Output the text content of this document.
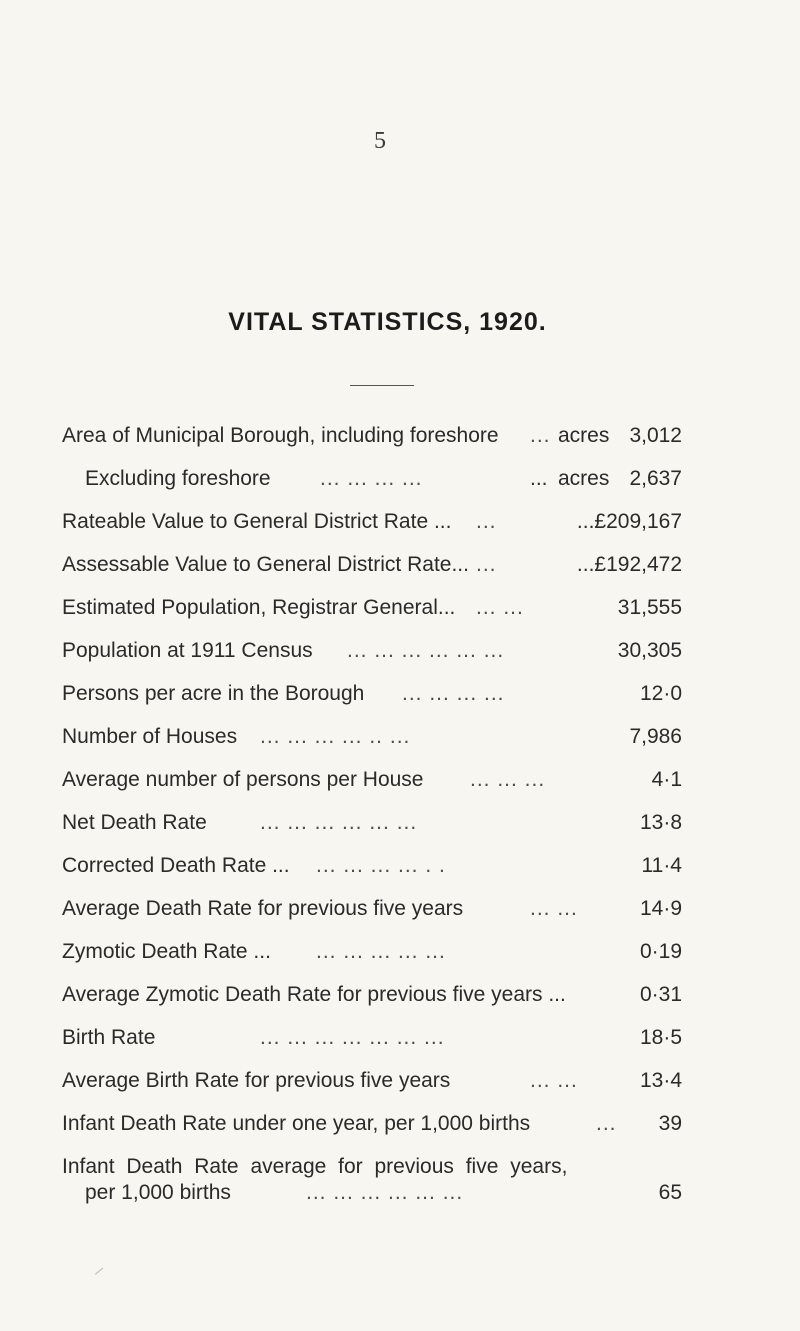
5
VITAL STATISTICS, 1920.
Area of Municipal Borough, including foreshore ... acres 3,012
Excluding foreshore ... ... ... ...	... acres 2,637
Rateable Value to General District Rate ... ...	...£209,167
Assessable Value to General District Rate... ...	...£192,472
Estimated Population, Registrar General... ... ...	31,555
Population at 1911 Census ... ... ... ... ... ...	30,305
Persons per acre in the Borough ... ... ... ...	12·0
Number of Houses ... ... ... ... .. ...	7,986
Average number of persons per House ... ... ...	4·1
Net Death Rate	... ... ... ... ... ...	13·8
Corrected Death Rate ... ... ... ... ... . .	11·4
Average Death Rate for previous five years	... ...	14·9
Zymotic Death Rate ... ... ... ... ... ...	0·19
Average Zymotic Death Rate for previous five years ...	0·31
Birth Rate	... ... ... ... ... ... ...	18·5
Average Birth Rate for previous five years	... ...	13·4
Infant Death Rate under one year, per 1,000 births	... 39
Infant Death Rate average for previous five years,
per 1,000 births	... ... ... ... ... ...	65
